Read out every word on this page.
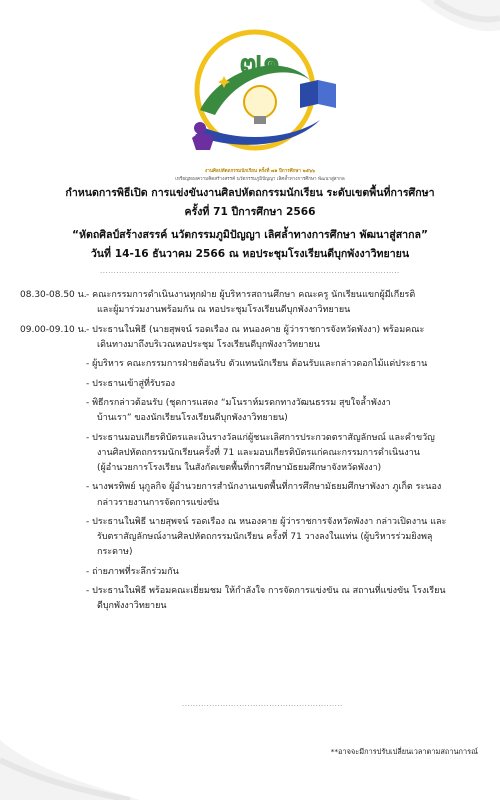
๗๑
งานศิลปหัตถกรรมนักเรียน ครั้งที่ ๗๑ ปีการศึกษา ๒๕๖๖
เหรียญทองความคิดสร้างสรรค์ นวัตกรรมภูมิปัญญา เลิศล้ำทางการศึกษา พัฒนาสู่สากล
กำหนดการพิธีเปิด การแข่งขันงานศิลปหัตถกรรมนักเรียน ระดับเขตพื้นที่การศึกษา
ครั้งที่ 71 ปีการศึกษา 2566
“หัตถศิลป์สร้างสรรค์ นวัตกรรมภูมิปัญญา เลิศล้ำทางการศึกษา พัฒนาสู่สากล”
วันที่ 14-16 ธันวาคม 2566 ณ หอประชุมโรงเรียนดีบุกพังงาวิทยายน
..............................................................................................................
08.30-08.50 น. - คณะกรรมการดำเนินงานทุกฝ่าย ผู้บริหารสถานศึกษา คณะครู นักเรียนแขกผู้มีเกียรติ
และผู้มาร่วมงานพร้อมกัน ณ หอประชุมโรงเรียนดีบุกพังงาวิทยายน
09.00-09.10 น. - ประธานในพิธี (นายสุพจน์ รอดเรือง ณ หนองคาย ผู้ว่าราชการจังหวัดพังงา) พร้อมคณะ
เดินทางมาถึงบริเวณหอประชุม โรงเรียนดีบุกพังงาวิทยายน
- ผู้บริหาร คณะกรรมการฝ่ายต้อนรับ ตัวแทนนักเรียน ต้อนรับและกล่าวดอกไม้แด่ประธาน
- ประธานเข้าสู่ที่รับรอง
- พิธีกรกล่าวต้อนรับ (ชุดการแสดง “มโนราห์มรดกทางวัฒนธรรม สุขใจล้ำพังงา
บ้านเรา” ของนักเรียนโรงเรียนดีบุกพังงาวิทยายน)
- ประธานมอบเกียรติบัตรและเงินรางวัลแก่ผู้ชนะเลิศการประกวดตราสัญลักษณ์ และคำขวัญ
งานศิลปหัตถกรรมนักเรียนครั้งที่ 71 และมอบเกียรติบัตรแก่คณะกรรมการดำเนินงาน
(ผู้อำนวยการโรงเรียน ในสังกัดเขตพื้นที่การศึกษามัธยมศึกษาจังหวัดพังงา)
- นางพรทิพย์ นุกูลกิจ ผู้อำนวยการสำนักงานเขตพื้นที่การศึกษามัธยมศึกษาพังงา ภูเก็ต ระนอง
กล่าวรายงานการจัดการแข่งขัน
- ประธานในพิธี นายสุพจน์ รอดเรือง ณ หนองคาย ผู้ว่าราชการจังหวัดพังงา กล่าวเปิดงาน และ
รับตราสัญลักษณ์งานศิลปหัตถกรรมนักเรียน ครั้งที่ 71 วางลงในแท่น (ผู้บริหารร่วมยิงพลุ
กระดาษ)
- ถ่ายภาพที่ระลึกร่วมกัน
- ประธานในพิธี พร้อมคณะเยี่ยมชม ให้กำลังใจ การจัดการแข่งขัน ณ สถานที่แข่งขัน โรงเรียน
ดีบุกพังงาวิทยายน
...........................................................
**อาจจะมีการปรับเปลี่ยนเวลาตามสถานการณ์
